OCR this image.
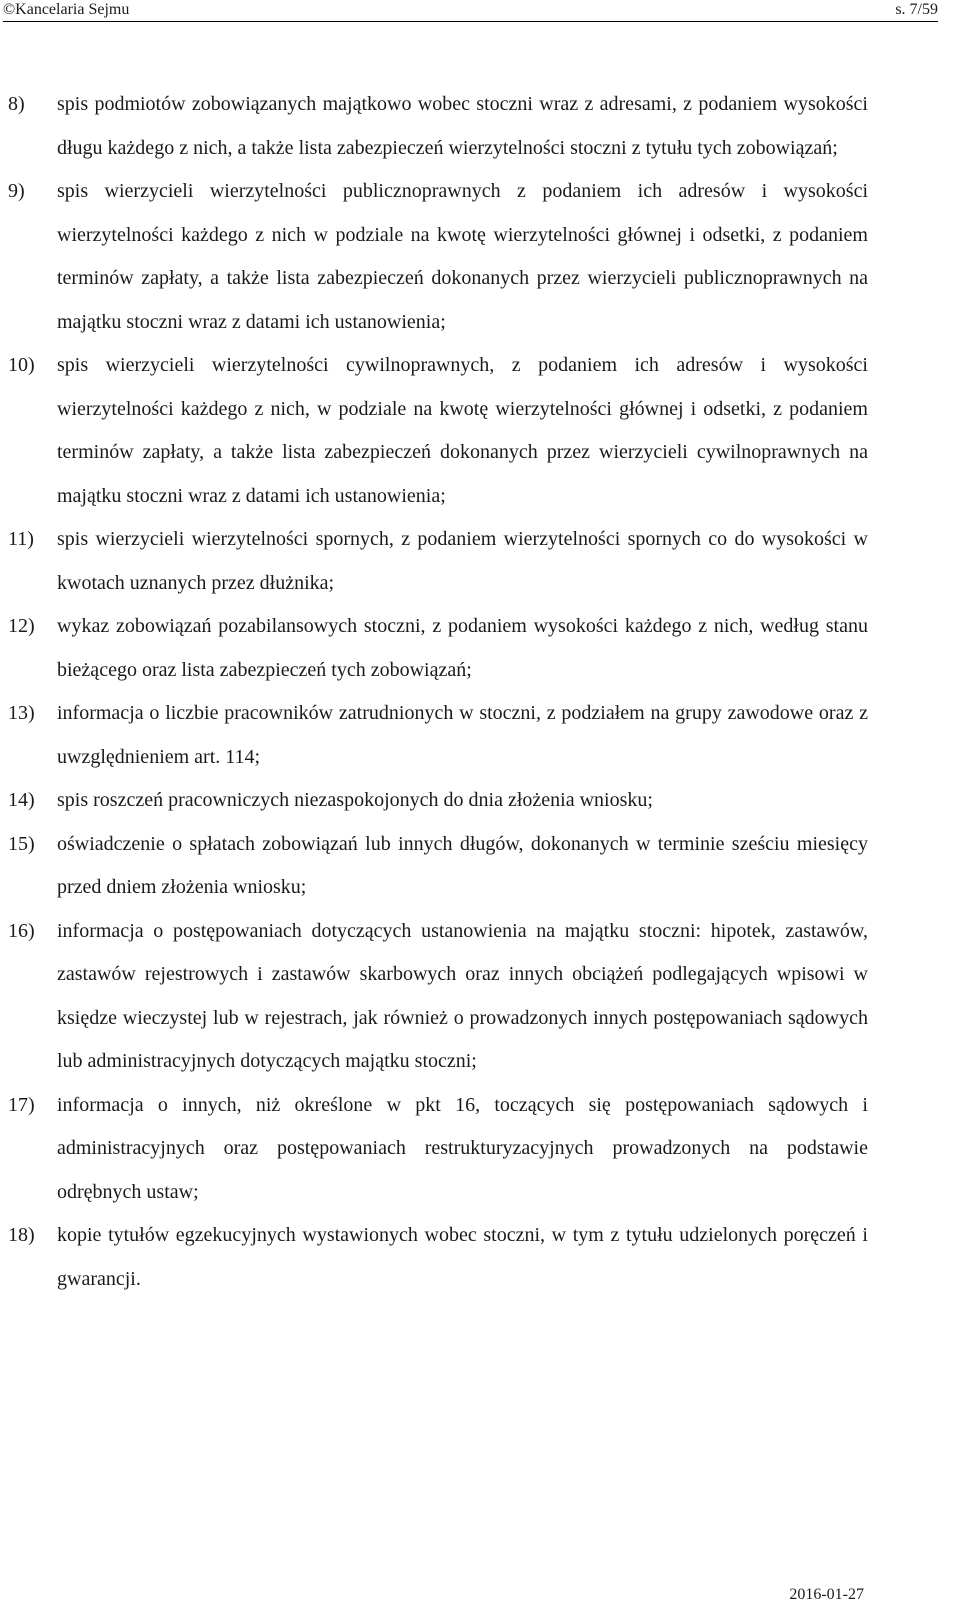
©Kancelaria Sejmu	s. 7/59
8)	spis podmiotów zobowiązanych majątkowo wobec stoczni wraz z adresami, z podaniem wysokości długu każdego z nich, a także lista zabezpieczeń wierzytelności stoczni z tytułu tych zobowiązań;
9)	spis wierzycieli wierzytelności publicznoprawnych z podaniem ich adresów i wysokości wierzytelności każdego z nich w podziale na kwotę wierzytelności głównej i odsetki, z podaniem terminów zapłaty, a także lista zabezpieczeń dokonanych przez wierzycieli publicznoprawnych na majątku stoczni wraz z datami ich ustanowienia;
10)	spis wierzycieli wierzytelności cywilnoprawnych, z podaniem ich adresów i wysokości wierzytelności każdego z nich, w podziale na kwotę wierzytelności głównej i odsetki, z podaniem terminów zapłaty, a także lista zabezpieczeń dokonanych przez wierzycieli cywilnoprawnych na majątku stoczni wraz z datami ich ustanowienia;
11)	spis wierzycieli wierzytelności spornych, z podaniem wierzytelności spornych co do wysokości w kwotach uznanych przez dłużnika;
12)	wykaz zobowiązań pozabilansowych stoczni, z podaniem wysokości każdego z nich, według stanu bieżącego oraz lista zabezpieczeń tych zobowiązań;
13)	informacja o liczbie pracowników zatrudnionych w stoczni, z podziałem na grupy zawodowe oraz z uwzględnieniem art. 114;
14)	spis roszczeń pracowniczych niezaspokojonych do dnia złożenia wniosku;
15)	oświadczenie o spłatach zobowiązań lub innych długów, dokonanych w terminie sześciu miesięcy przed dniem złożenia wniosku;
16)	informacja o postępowaniach dotyczących ustanowienia na majątku stoczni: hipotek, zastawów, zastawów rejestrowych i zastawów skarbowych oraz innych obciążeń podlegających wpisowi w księdze wieczystej lub w rejestrach, jak również o prowadzonych innych postępowaniach sądowych lub administracyjnych dotyczących majątku stoczni;
17)	informacja o innych, niż określone w pkt 16, toczących się postępowaniach sądowych i administracyjnych oraz postępowaniach restrukturyzacyjnych prowadzonych na podstawie odrębnych ustaw;
18)	kopie tytułów egzekucyjnych wystawionych wobec stoczni, w tym z tytułu udzielonych poręczeń i gwarancji.
2016-01-27
